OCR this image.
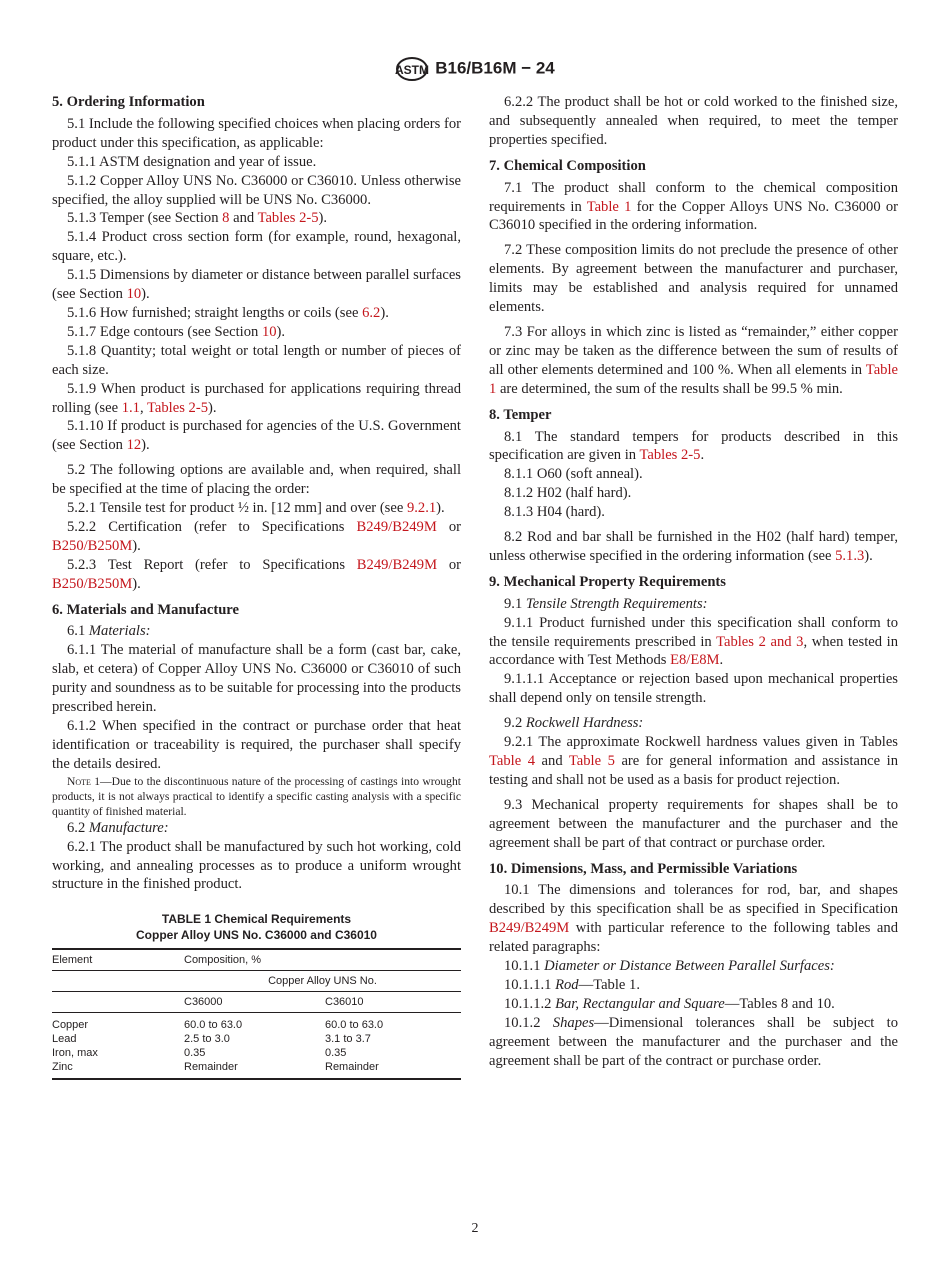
ASTM B16/B16M − 24
5. Ordering Information

5.1 Include the following specified choices when placing orders for product under this specification, as applicable:

5.1.1 ASTM designation and year of issue.

5.1.2 Copper Alloy UNS No. C36000 or C36010. Unless otherwise specified, the alloy supplied will be UNS No. C36000.

5.1.3 Temper (see Section 8 and Tables 2-5).

5.1.4 Product cross section form (for example, round, hexagonal, square, etc.).

5.1.5 Dimensions by diameter or distance between parallel surfaces (see Section 10).

5.1.6 How furnished; straight lengths or coils (see 6.2).

5.1.7 Edge contours (see Section 10).

5.1.8 Quantity; total weight or total length or number of pieces of each size.

5.1.9 When product is purchased for applications requiring thread rolling (see 1.1, Tables 2-5).

5.1.10 If product is purchased for agencies of the U.S. Government (see Section 12).

5.2 The following options are available and, when required, shall be specified at the time of placing the order:

5.2.1 Tensile test for product ½ in. [12 mm] and over (see 9.2.1).

5.2.2 Certification (refer to Specifications B249/B249M or B250/B250M).

5.2.3 Test Report (refer to Specifications B249/B249M or B250/B250M).

6. Materials and Manufacture

6.1 Materials:

6.1.1 The material of manufacture shall be a form (cast bar, cake, slab, et cetera) of Copper Alloy UNS No. C36000 or C36010 of such purity and soundness as to be suitable for processing into the products prescribed herein.

6.1.2 When specified in the contract or purchase order that heat identification or traceability is required, the purchaser shall specify the details desired.

Note 1—Due to the discontinuous nature of the processing of castings into wrought products, it is not always practical to identify a specific casting analysis with a specific quantity of finished material.

6.2 Manufacture:

6.2.1 The product shall be manufactured by such hot working, cold working, and annealing processes as to produce a uniform wrought structure in the finished product.

TABLE 1 Chemical Requirements
Copper Alloy UNS No. C36000 and C36010
Element	Composition, %	
	Copper Alloy UNS No.	
	C36000	C36010
Copper	60.0 to 63.0	60.0 to 63.0
Lead	2.5 to 3.0	3.1 to 3.7
Iron, max	0.35	0.35
Zinc	Remainder	Remainder

6.2.2 The product shall be hot or cold worked to the finished size, and subsequently annealed when required, to meet the temper properties specified.

7. Chemical Composition

7.1 The product shall conform to the chemical composition requirements in Table 1 for the Copper Alloys UNS No. C36000 or C36010 specified in the ordering information.

7.2 These composition limits do not preclude the presence of other elements. By agreement between the manufacturer and purchaser, limits may be established and analysis required for unnamed elements.

7.3 For alloys in which zinc is listed as “remainder,” either copper or zinc may be taken as the difference between the sum of results of all other elements determined and 100 %. When all elements in Table 1 are determined, the sum of the results shall be 99.5 % min.

8. Temper

8.1 The standard tempers for products described in this specification are given in Tables 2-5.

8.1.1 O60 (soft anneal).

8.1.2 H02 (half hard).

8.1.3 H04 (hard).

8.2 Rod and bar shall be furnished in the H02 (half hard) temper, unless otherwise specified in the ordering information (see 5.1.3).

9. Mechanical Property Requirements

9.1 Tensile Strength Requirements:

9.1.1 Product furnished under this specification shall conform to the tensile requirements prescribed in Tables 2 and 3, when tested in accordance with Test Methods E8/E8M.

9.1.1.1 Acceptance or rejection based upon mechanical properties shall depend only on tensile strength.

9.2 Rockwell Hardness:

9.2.1 The approximate Rockwell hardness values given in Tables Table 4 and Table 5 are for general information and assistance in testing and shall not be used as a basis for product rejection.

9.3 Mechanical property requirements for shapes shall be to agreement between the manufacturer and the purchaser and the agreement shall be part of that contract or purchase order.

10. Dimensions, Mass, and Permissible Variations

10.1 The dimensions and tolerances for rod, bar, and shapes described by this specification shall be as specified in Specification B249/B249M with particular reference to the following tables and related paragraphs:

10.1.1 Diameter or Distance Between Parallel Surfaces:

10.1.1.1 Rod—Table 1.

10.1.1.2 Bar, Rectangular and Square—Tables 8 and 10.

10.1.2 Shapes—Dimensional tolerances shall be subject to agreement between the manufacturer and the purchaser and the agreement shall be part of the contract or purchase order.

2
